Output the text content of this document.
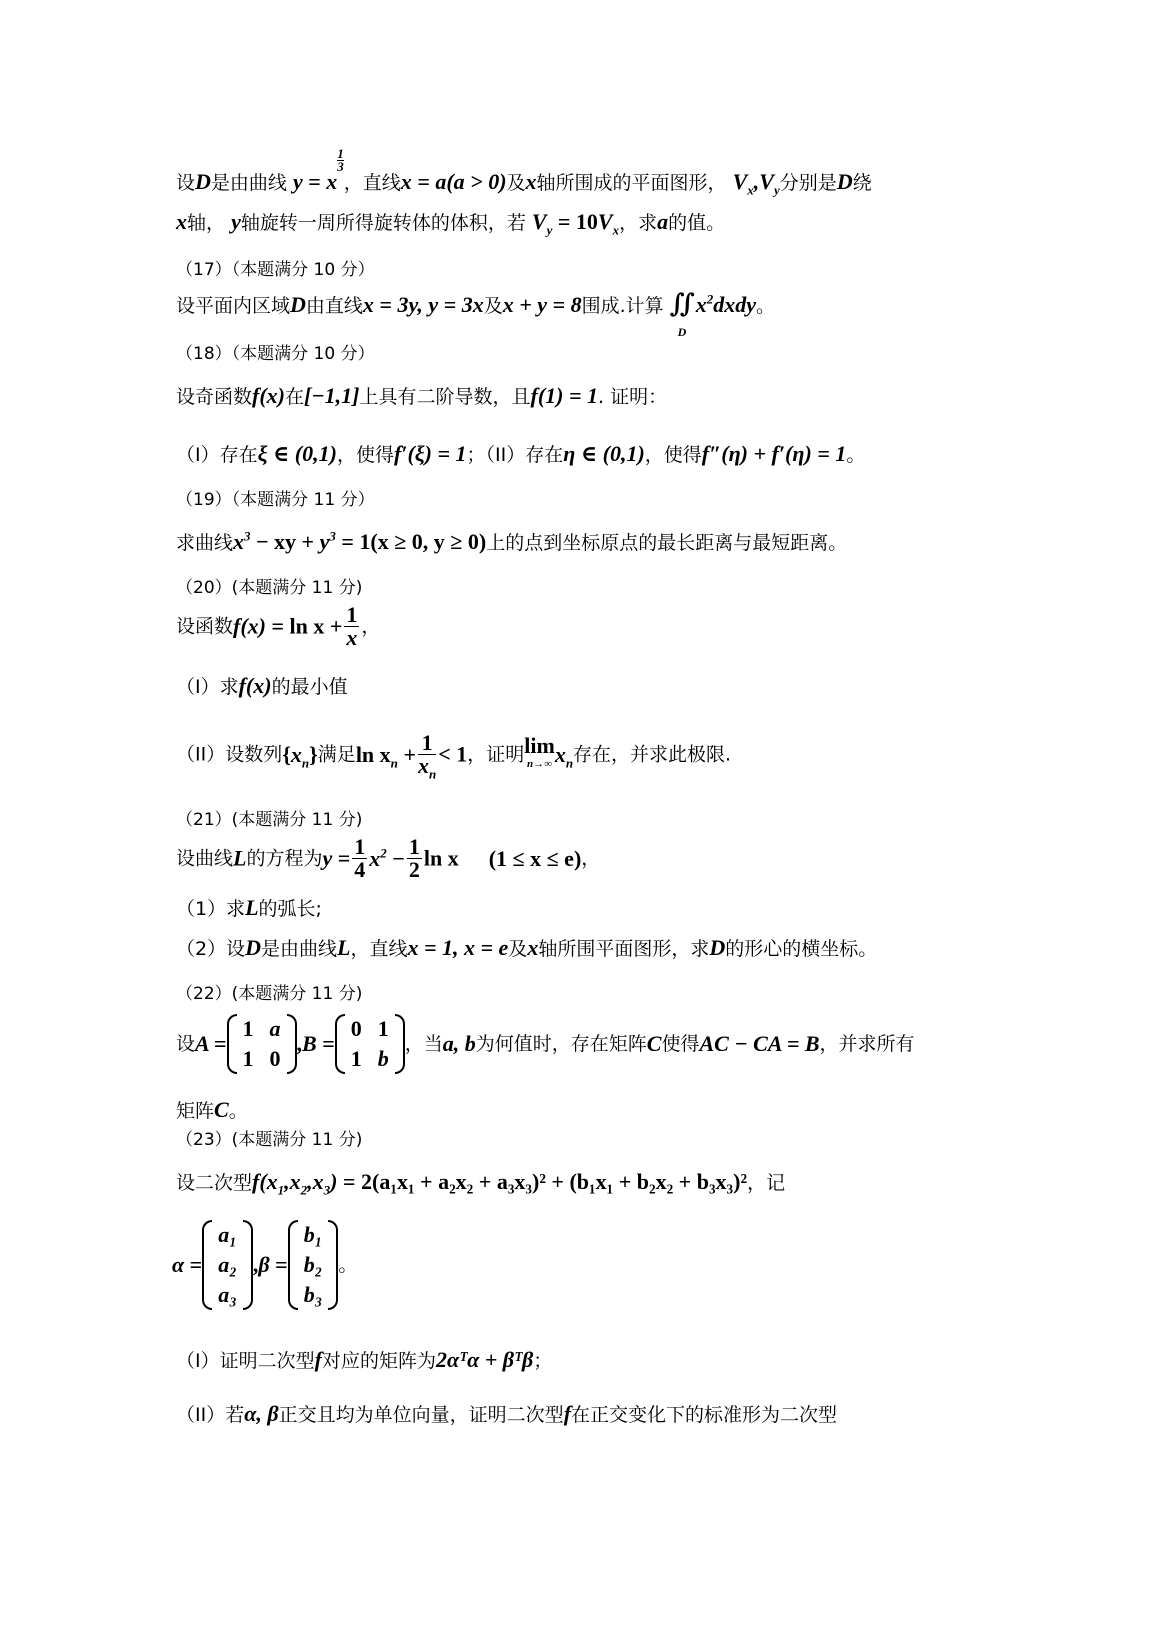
设D是由曲线 y = x
$\frac{1}{3}$
，直线x = a(a > 0)及x轴所围成的平面图形， $V_x,V_y$分别是D绕
x轴， y轴旋转一周所得旋转体的体积，若 $V_y = 10V_x$，求a的值。
（17）（本题满分 10 分）
设平面内区域D由直线x = 3y, y = 3x及x + y = 8围成.计算 ∬
D
$x^2dxdy$。
（18）（本题满分 10 分）
设奇函数f(x)在[−1,1]上具有二阶导数，且f(1) = 1. 证明：
（I）存在ξ ∈ (0,1)，使得f′(ξ) = 1；（II）存在η ∈ (0,1)，使得f″(η) + f′(η) = 1。
（19）（本题满分 11 分）
求曲线$x^3$ − xy + $y^3 = 1(x \ge 0$, y ≥ 0)上的点到坐标原点的最长距离与最短距离。
（20）(本题满分 11 分)
设函数$f(x) = \ln x + \frac{1}{x}$ ，
（I）求f(x)的最小值
（II）设数列$\{x_n\}$满足$\ln x_n + \frac{1}{x_n} < 1$，证明 lim
n→∞ $x_n$存在，并求此极限.
（21）(本题满分 11 分)
设曲线L的方程为$y = \frac{1}{4} x^2 - \frac{1}{2}$ ln x (1 ≤ x ≤ e)，
（1）求L的弧长;
（2）设D是由曲线L，直线x = 1, x = e及x轴所围平面图形，求D的形心的横坐标。
（22）(本题满分 11 分)
设A =
1	a
1	0
,B =
0	1
1	b
，当a, b为何值时，存在矩阵C使得AC − CA = B，并求所有
矩阵C。
（23）(本题满分 11 分)
设二次型$f(x_1,x_2,x_3) = 2(a_1x_1 + a_2x_2 + a_3x_3)^2 + (b_1x_1 + b_2x_2 + b_3x_3)^2$，记
α =
a₁
a₂
a₃
,β =
b₁
b₂
b₃
。
（I）证明二次型f对应的矩阵为2αᵀα + βᵀβ；
（II）若α, β正交且均为单位向量，证明二次型f在正交变化下的标准形为二次型
